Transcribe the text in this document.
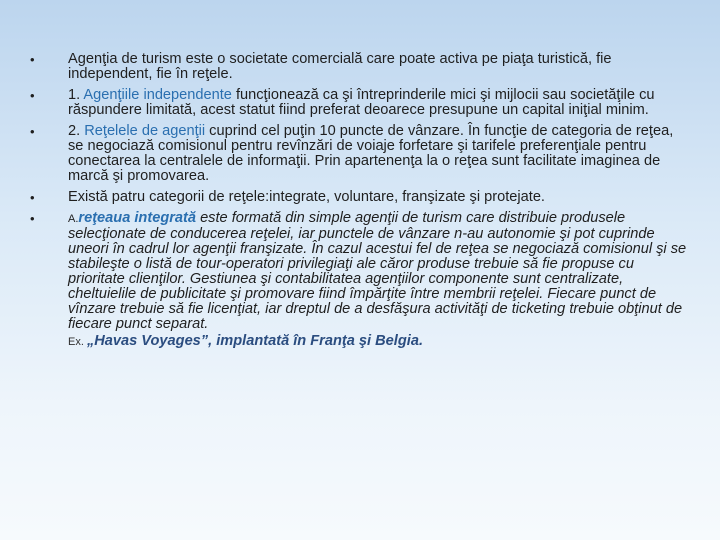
•	Agenţia de turism este o societate comercială care poate activa pe piaţa turistică, fie independent, fie în reţele.
•	1. Agenţiile independente funcţionează ca şi întreprinderile mici şi mijlocii sau societăţile cu răspundere limitată, acest statut fiind preferat deoarece presupune un capital iniţial minim.
•	2. Reţelele de agenţii cuprind cel puţin 10 puncte de vânzare. În funcţie de categoria de reţea, se negociază comisionul pentru revînzări de voiaje forfetare şi tarifele preferenţiale pentru conectarea la centralele de informaţii. Prin apartenenţa la o reţea sunt facilitate imaginea de marcă şi promovarea.
•	Există patru categorii de reţele:integrate, voluntare, franşizate şi protejate.
•	A.reţeaua integrată este formată din simple agenţii de turism care distribuie produsele selecţionate de conducerea reţelei, iar punctele de vânzare n-au autonomie şi pot cuprinde uneori în cadrul lor agenţii franşizate. În cazul acestui fel de reţea se negociază comisionul şi se stabileşte o listă de tour-operatori privilegiaţi ale căror produse trebuie să fie propuse cu prioritate clienţilor. Gestiunea şi contabilitatea agenţiilor componente sunt centralizate, cheltuielile de publicitate şi promovare fiind împărţite între membrii reţelei. Fiecare punct de vînzare trebuie să fie licenţiat, iar dreptul de a desfăşura activităţi de ticketing trebuie obţinut de fiecare punct separat.
Ex. „Havas Voyages”, implantată în Franţa şi Belgia.
